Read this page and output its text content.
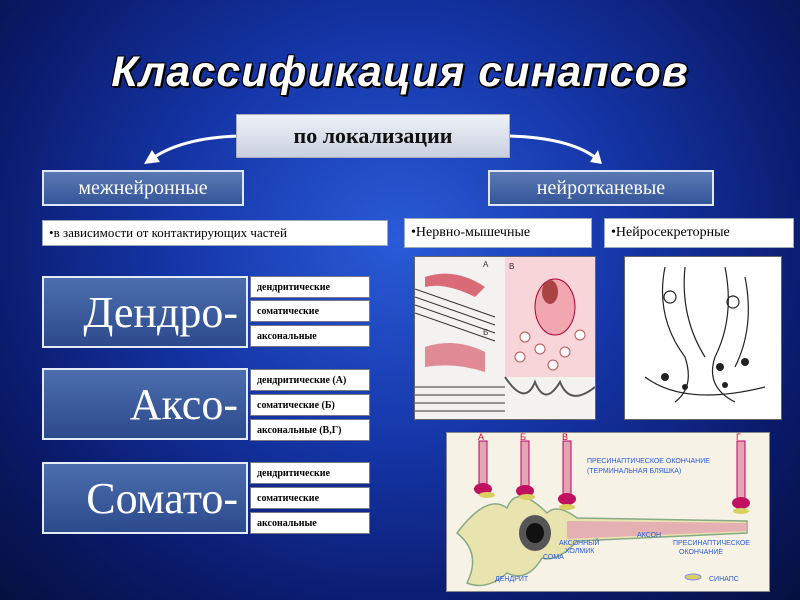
Классификация синапсов
по локализации
межнейронные	нейротканевые
• в зависимости от контактирующих частей	• Нервно-мышечные	• Нейросекреторные
Дендро-
дендритические
соматические
аксональные
Аксо-	дендритические (А)
соматические (Б)
аксональные (В,Г)
Сомато-
дендритические
соматические
аксональные
А	В
Б
А	Б	В	Г
ПРЕСИНАПТИЧЕСКОЕ ОКОНЧАНИЕ
(ТЕРМИНАЛЬНАЯ БЛЯШКА)
АКСОН
АКСОННЫЙ
ХОЛМИК
СОМА
ПРЕСИНАПТИЧЕСКОЕ
ОКОНЧАНИЕ
ДЕНДРИТ	СИНАПС
